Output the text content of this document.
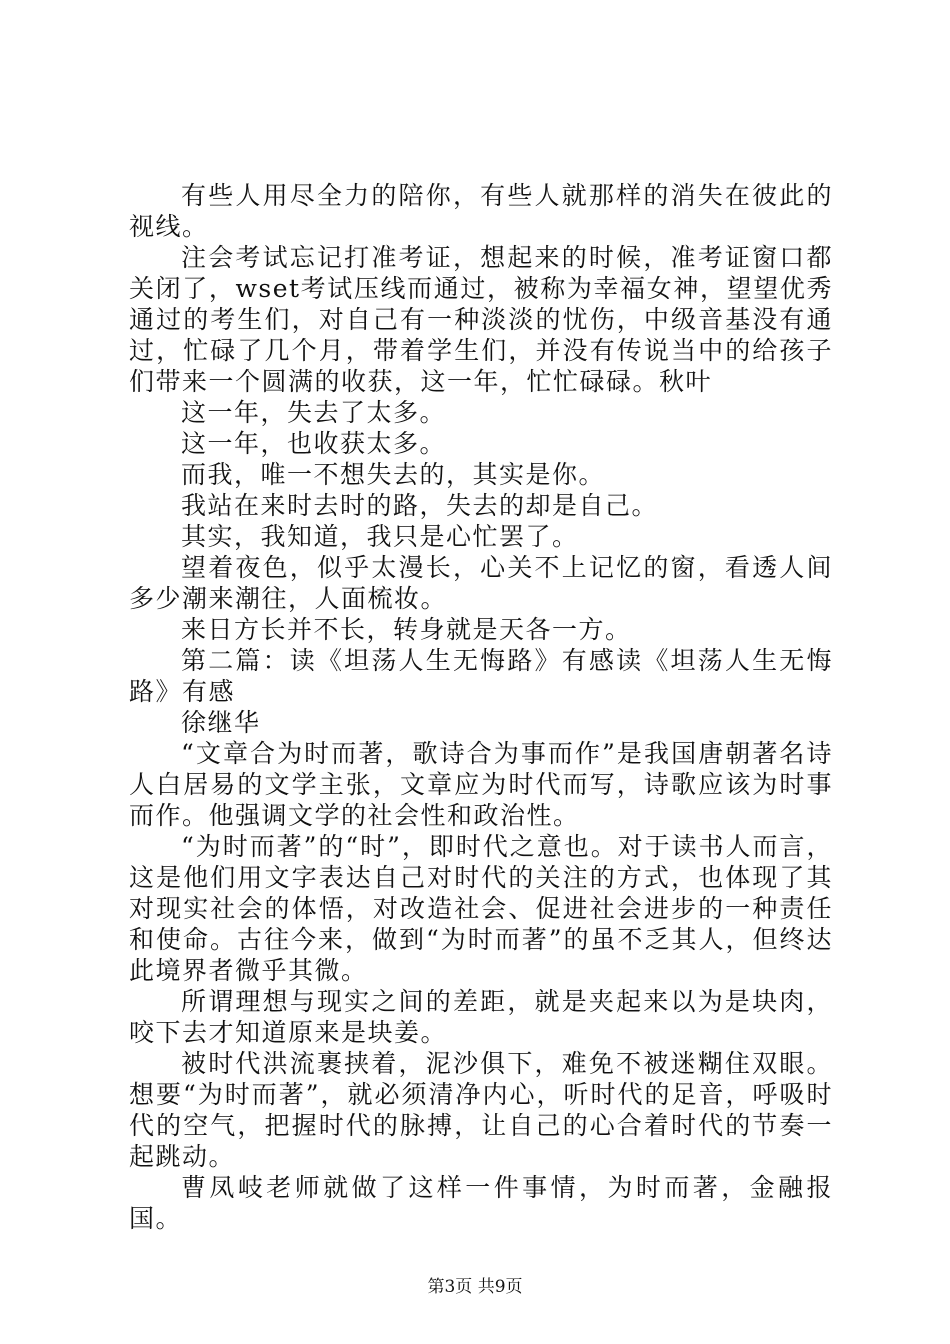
有些人用尽全力的陪你，有些人就那样的消失在彼此的视线。

注会考试忘记打准考证，想起来的时候，准考证窗口都关闭了，wset考试压线而通过，被称为幸福女神，望望优秀通过的考生们，对自己有一种淡淡的忧伤，中级音基没有通过，忙碌了几个月，带着学生们，并没有传说当中的给孩子们带来一个圆满的收获，这一年，忙忙碌碌。秋叶

这一年，失去了太多。

这一年，也收获太多。

而我，唯一不想失去的，其实是你。

我站在来时去时的路，失去的却是自己。

其实，我知道，我只是心忙罢了。

望着夜色，似乎太漫长，心关不上记忆的窗，看透人间多少潮来潮往，人面梳妆。

来日方长并不长，转身就是天各一方。

第二篇：读《坦荡人生无悔路》有感读《坦荡人生无悔路》有感

徐继华

“文章合为时而著，歌诗合为事而作”是我国唐朝著名诗人白居易的文学主张，文章应为时代而写，诗歌应该为时事而作。他强调文学的社会性和政治性。

“为时而著”的“时”，即时代之意也。对于读书人而言，这是他们用文字表达自己对时代的关注的方式，也体现了其对现实社会的体悟，对改造社会、促进社会进步的一种责任和使命。古往今来，做到“为时而著”的虽不乏其人，但终达此境界者微乎其微。

所谓理想与现实之间的差距，就是夹起来以为是块肉，咬下去才知道原来是块姜。

被时代洪流裹挟着，泥沙俱下，难免不被迷糊住双眼。想要“为时而著”，就必须清净内心，听时代的足音，呼吸时代的空气，把握时代的脉搏，让自己的心合着时代的节奏一起跳动。

曹凤岐老师就做了这样一件事情，为时而著，金融报国。

第3页 共9页
